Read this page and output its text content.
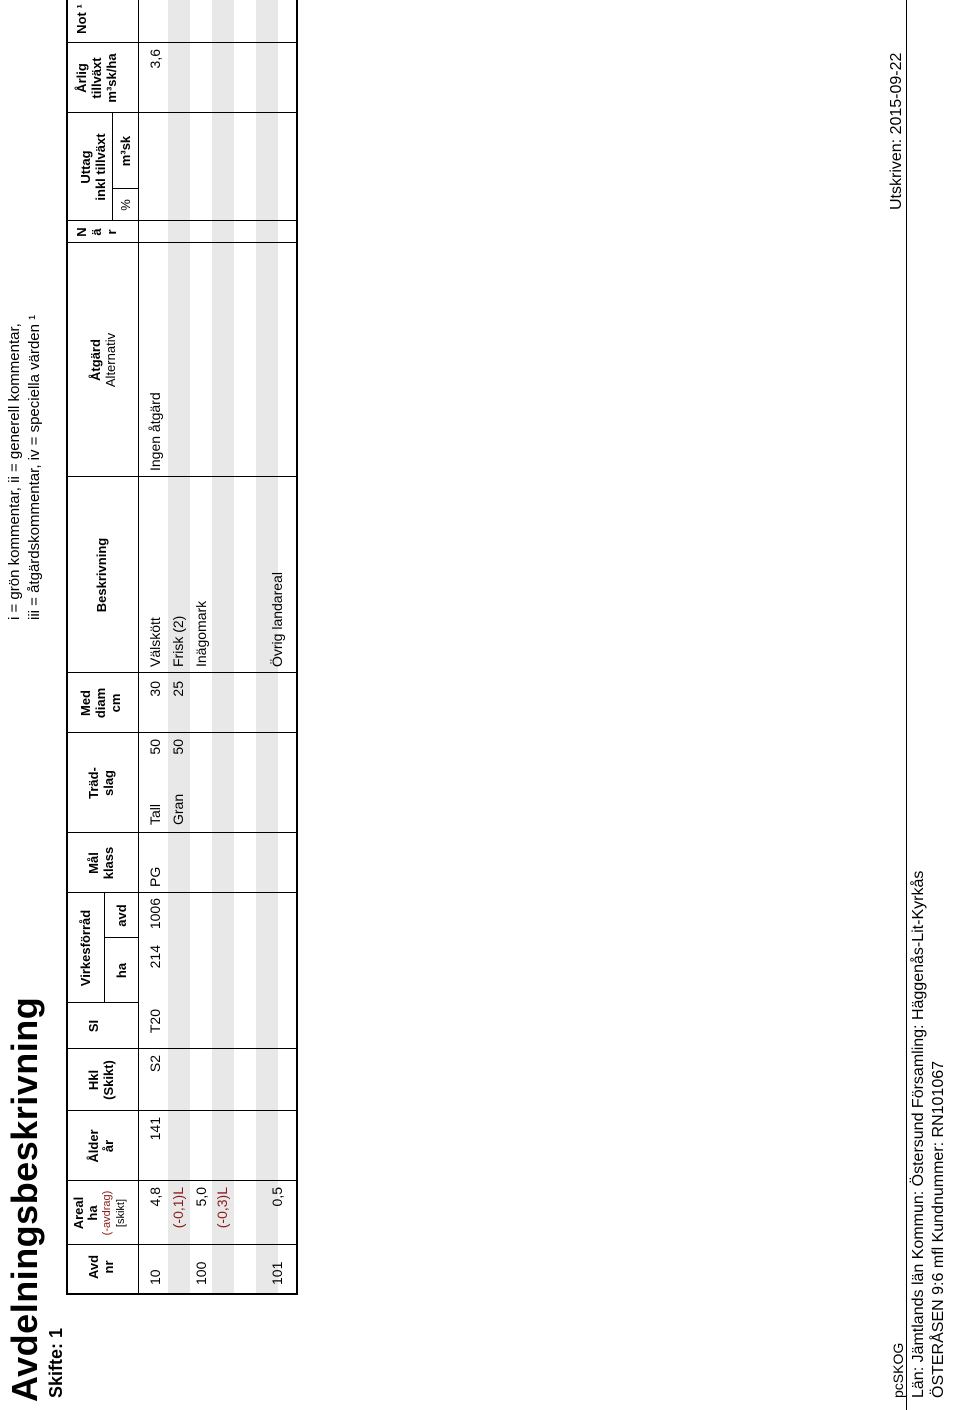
Avdelningsbeskrivning Skifte: 1
i = grön kommentar, ii = generell kommentar, iii = åtgärdskommentar, iv = speciella värden ¹
Avd nr
Areal ha (-avdrag) [skikt]
Ålder år
Hkl (Skikt)
SI
Virkesförråd ha
avd
Mål klass
Träd- slag
Med diam cm
Beskrivning
Åtgärd Alternativ
N ä r
Uttag inkl tillväxt
%
m³sk
Årlig tillväxt m³sk/ha
Not ¹
10
4,8
141
S2
T20
214
1006
PG
Tall
50
30
Välskött
Ingen åtgärd
3,6
(-0,1)L
Gran
50
25
Frisk (2)
100
5,0
Inägomark
(-0,3)L
101
0,5
Övrig landareal
pcSKOG
Utskriven: 2015-09-22
Län: Jämtlands län Kommun: Östersund Församling: Häggenås-Lit-Kyrkås ÖSTERÅSEN 9:6 mfl Kundnummer: RN101067
